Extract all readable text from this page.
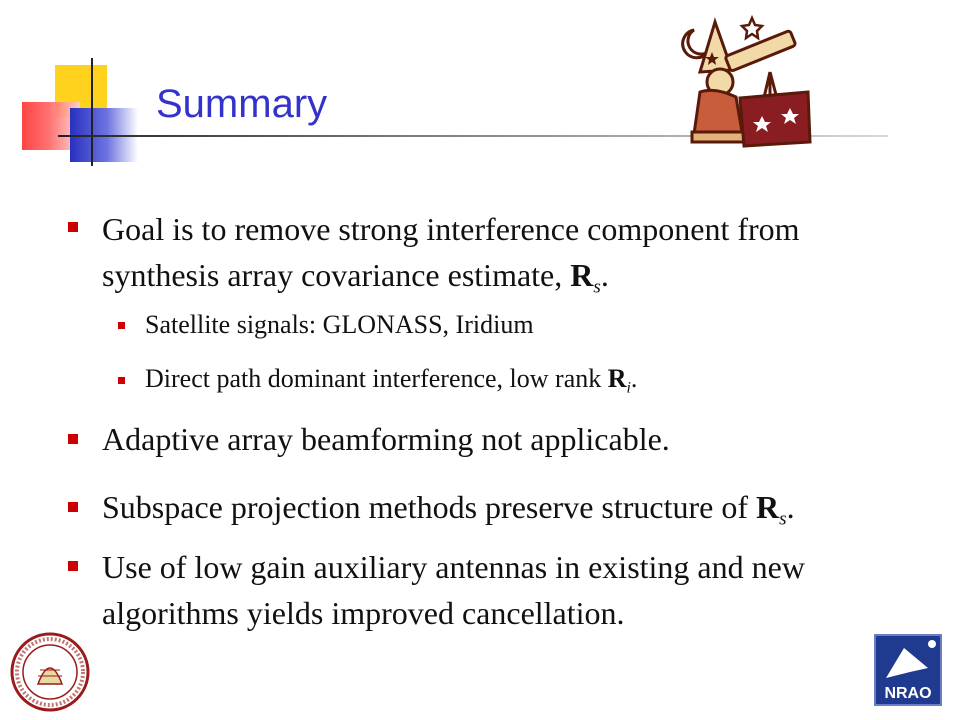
Summary
Goal is to remove strong interference component from synthesis array covariance estimate, $R_s$.
Satellite signals: GLONASS, Iridium
Direct path dominant interference, low rank $R_i$.
Adaptive array beamforming not applicable.
Subspace projection methods preserve structure of $R_s$.
Use of low gain auxiliary antennas in existing and new algorithms yields improved cancellation.
NRAO
